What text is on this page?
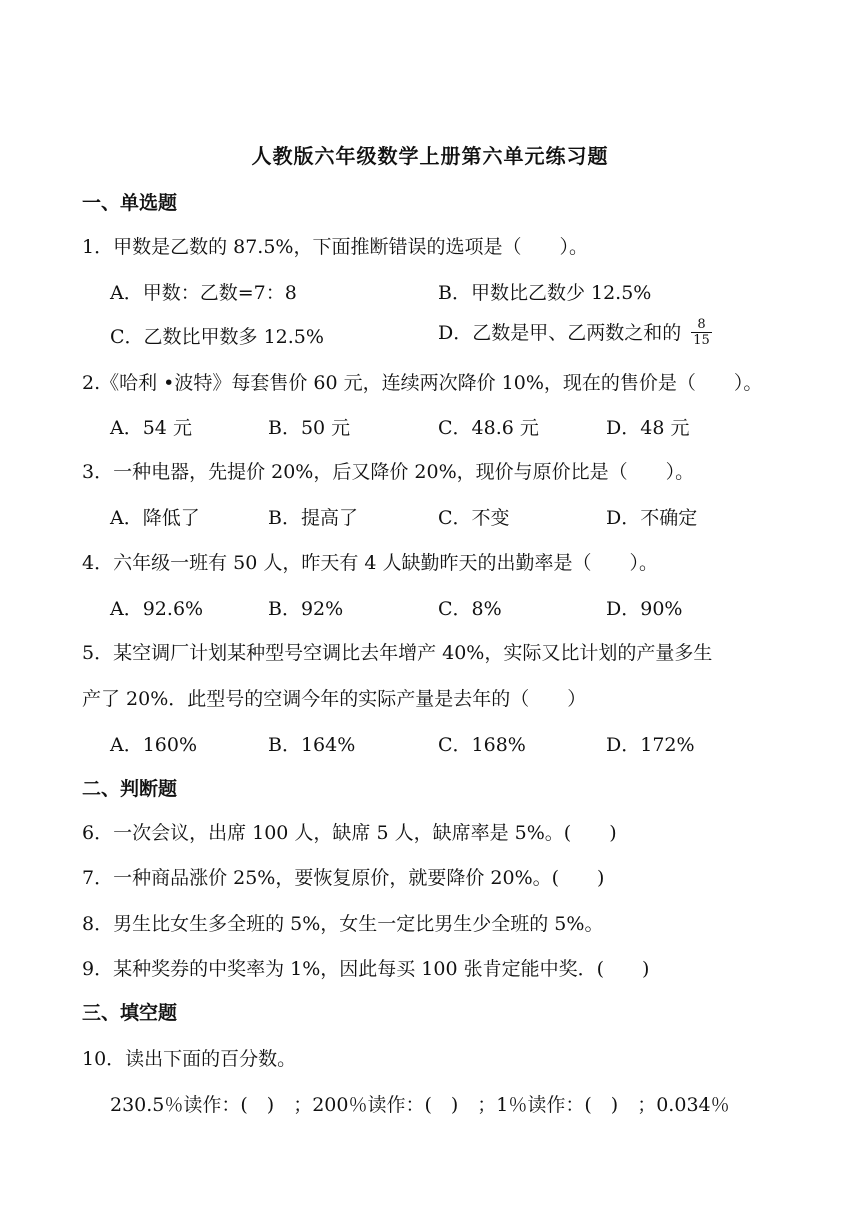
人教版六年级数学上册第六单元练习题
一、单选题
1．甲数是乙数的 87.5%，下面推断错误的选项是（　　）。
A．甲数：乙数=7：8	B．甲数比乙数少 12.5%
C．乙数比甲数多 12.5%	D．乙数是甲、乙两数之和的 $\frac{8}{15}$
2.《哈利 •波特》每套售价 60 元，连续两次降价 10%，现在的售价是（　　）。
A．54 元	B．50 元	C．48.6 元	D．48 元
3．一种电器，先提价 20%，后又降价 20%，现价与原价比是（　　）。
A．降低了	B．提高了	C．不变	D．不确定
4．六年级一班有 50 人，昨天有 4 人缺勤昨天的出勤率是（　　）。
A．92.6%	B．92%	C．8%	D．90%
5．某空调厂计划某种型号空调比去年增产 40%，实际又比计划的产量多生
产了 20%．此型号的空调今年的实际产量是去年的（　　）
A．160%	B．164%	C．168%	D．172%
二、判断题
6．一次会议，出席 100 人，缺席 5 人，缺席率是 5%。(　　)
7．一种商品涨价 25%，要恢复原价，就要降价 20%。(　　)
8．男生比女生多全班的 5%，女生一定比男生少全班的 5%。
9．某种奖券的中奖率为 1%，因此每买 100 张肯定能中奖．(　　)
三、填空题
10．读出下面的百分数。
230.5％读作：(　)　；200％读作：(　)　；1％读作：(　)　；0.034％
